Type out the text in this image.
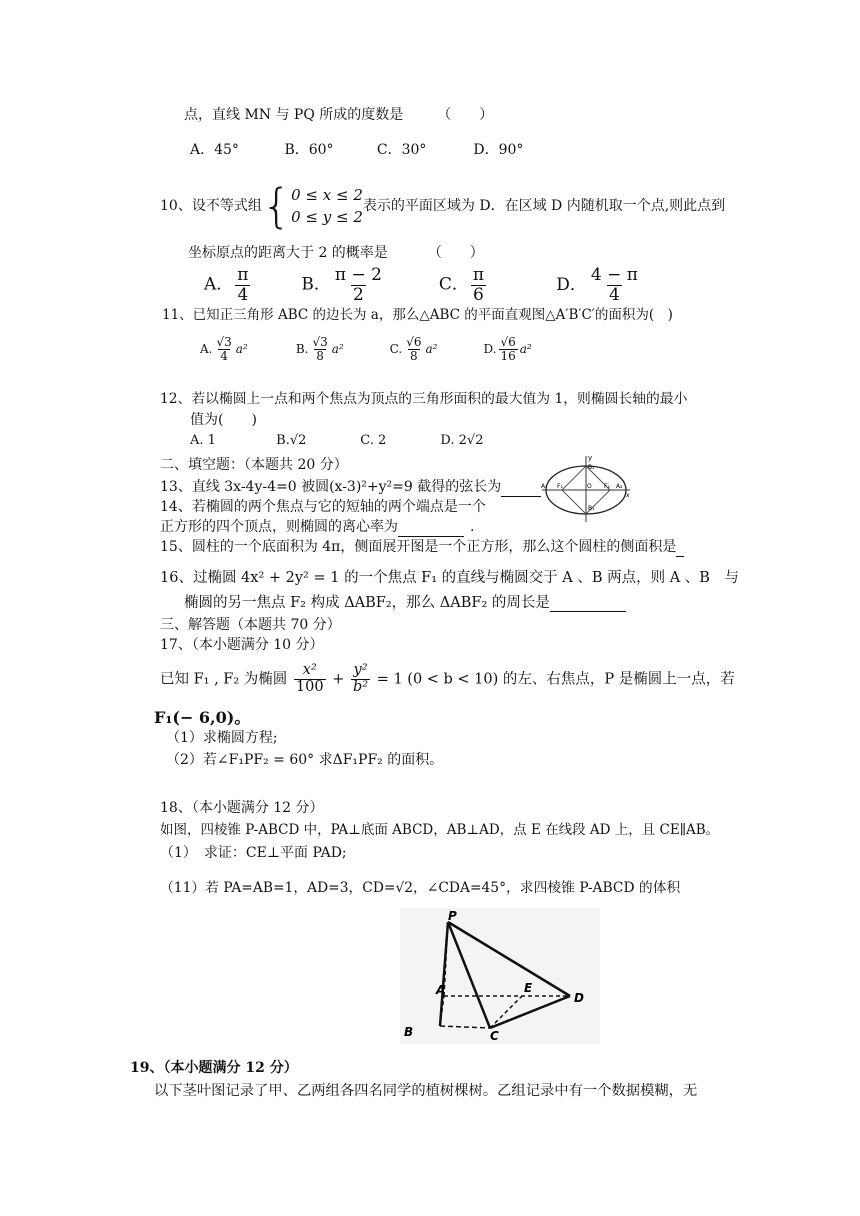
点，直线 MN 与 PQ 所成的度数是 （　　）
A．45°	B．60°	C．30°	D．90°
10、设不等式组{ 0 ≤ x ≤ 2
0 ≤ y ≤ 2
表示的平面区域为 D．在区域 D 内随机取一个点,则此点到
坐标原点的距离大于 2 的概率是	（　　）
A． $\frac{\pi}{4}$	B． $\frac{\pi - 2}{2}$	C． $\frac{\pi}{6}$	D． $\frac{4 - \pi}{4}$
11、已知正三角形 ABC 的边长为 a，那么△ABC 的平面直观图△A′B′C′的面积为(　)
A. $\frac{√3}{4} a^2$	B. $\frac{√3}{8} a^2$	C. $\frac{√6}{8} a^2$	D. $\frac{√6}{16} a^2$
12、若以椭圆上一点和两个焦点为顶点的三角形面积的最大值为 1，则椭圆长轴的最小
值为(　　)
A. 1	B.√2	C. 2	D. 2√2
二、填空题：（本题共 20 分）
13、直线 3x-4y-4=0 被圆(x-3)²+y²=9 截得的弦长为
14、若椭圆的两个焦点与它的短轴的两个端点是一个
正方形的四个顶点，则椭圆的离心率为	.
y
B₂
A₁ F₁	O F₂ A₂
x
B₁
15、圆柱的一个底面积为 4π，侧面展开图是一个正方形，那么这个圆柱的侧面积是
16、过椭圆 4x² + 2y² = 1 的一个焦点 F₁ 的直线与椭圆交于 A 、B 两点，则 A 、B　与
椭圆的另一焦点 F₂ 构成 ΔABF₂，那么 ΔABF₂ 的周长是
三、解答题（本题共 70 分）
17、（本小题满分 10 分）
已知 F₁ , F₂ 为椭圆 $\frac{\text{x²}}{100} + \frac{\text{y²}}{\text{b²}} = 1$ (0 < b < 10) 的左、右焦点，P 是椭圆上一点，若
F₁(− 6,0)。
（1）求椭圆方程;
（2）若∠F₁PF₂ = 60° 求ΔF₁PF₂ 的面积。
18、（本小题满分 12 分）
如图，四棱锥 P-ABCD 中，PA⊥底面 ABCD，AB⊥AD，点 E 在线段 AD 上，且 CE∥AB。
（1）　求证：CE⊥平面 PAD;
（11）若 PA=AB=1，AD=3，CD=√2，∠CDA=45°，求四棱锥 P-ABCD 的体积
P
A	E
D
B	C
19、（本小题满分 12 分）
以下茎叶图记录了甲、乙两组各四名同学的植树棵树。乙组记录中有一个数据模糊，无
